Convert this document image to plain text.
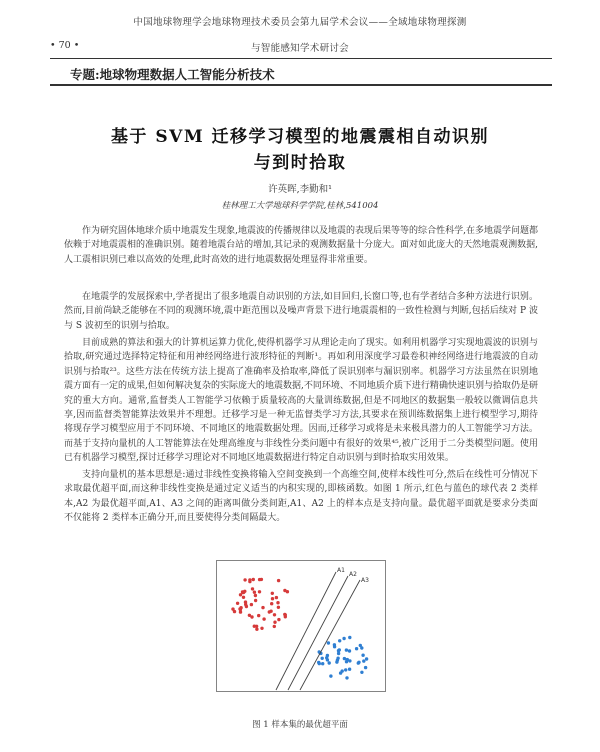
中国地球物理学会地球物理技术委员会第九届学术会议——全域地球物理探测
• 70 •	与智能感知学术研讨会
专题:地球物理数据人工智能分析技术
基于 SVM 迁移学习模型的地震震相自动识别
与到时拾取
许英晖,李勤和¹
桂林理工大学地球科学学院,桂林,541004

作为研究固体地球介质中地震发生现象,地震波的传播规律以及地震的表现后果等等的综合性科学,在多地震学问题都依赖于对地震震相的准确识别。随着地震台站的增加,其记录的观测数据量十分庞大。面对如此庞大的天然地震观测数据,人工震相识别已难以高效的处理,此时高效的进行地震数据处理显得非常重要。

在地震学的发展探索中,学者提出了很多地震自动识别的方法,如目回归,长窗口等,也有学者结合多种方法进行识别。然而,目前尚缺乏能够在不同的观测环境,震中距范围以及噪声背景下进行地震震相的一致性检测与判断,包括后续对 P 波与 S 波初至的识别与拾取。

目前成熟的算法和强大的计算机运算力优化,使得机器学习从理论走向了现实。如利用机器学习实现地震波的识别与拾取,研究通过选择特定特征和用神经网络进行波形特征的判断¹。再如利用深度学习最卷积神经网络进行地震波的自动识别与拾取²³。这些方法在传统方法上提高了准确率及拾取率,降低了误识别率与漏识别率。机器学习方法虽然在识别地震方面有一定的成果,但如何解决复杂的实际庞大的地震数据,不同环境、不同地质介质下进行精确快速识别与拾取仍是研究的重大方向。通常,监督类人工智能学习依赖于质量较高的大量训练数据,但是不同地区的数据集一般较以微调信息共享,因而监督类智能算法效果并不理想。迁移学习是一种无监督类学习方法,其要求在预训练数据集上进行模型学习,期待将现存学习模型应用于不同环境、不同地区的地震数据处理。因而,迁移学习或将是未来极具潜力的人工智能学习方法。而基于支持向量机的人工智能算法在处理高维度与非线性分类问题中有很好的效果⁴⁵,被广泛用于二分类模型问题。使用已有机器学习模型,探讨迁移学习理论对不同地区地震数据进行特定自动识别与到时拾取实用效果。

支持向量机的基本思想是:通过非线性变换将输入空间变换到一个高维空间,使样本线性可分,然后在线性可分情况下求取最优超平面,而这种非线性变换是通过定义适当的内积实现的,即核函数。如图 1 所示,红色与蓝色的球代表 2 类样本,A2 为最优超平面,A1、A3 之间的距离叫做分类间距,A1、A2 上的样本点是支持向量。最优超平面就是要求分类面不仅能将 2 类样本正确分开,而且要使得分类间隔最大。

A1
A2
A3
图 1 样本集的最优超平面
